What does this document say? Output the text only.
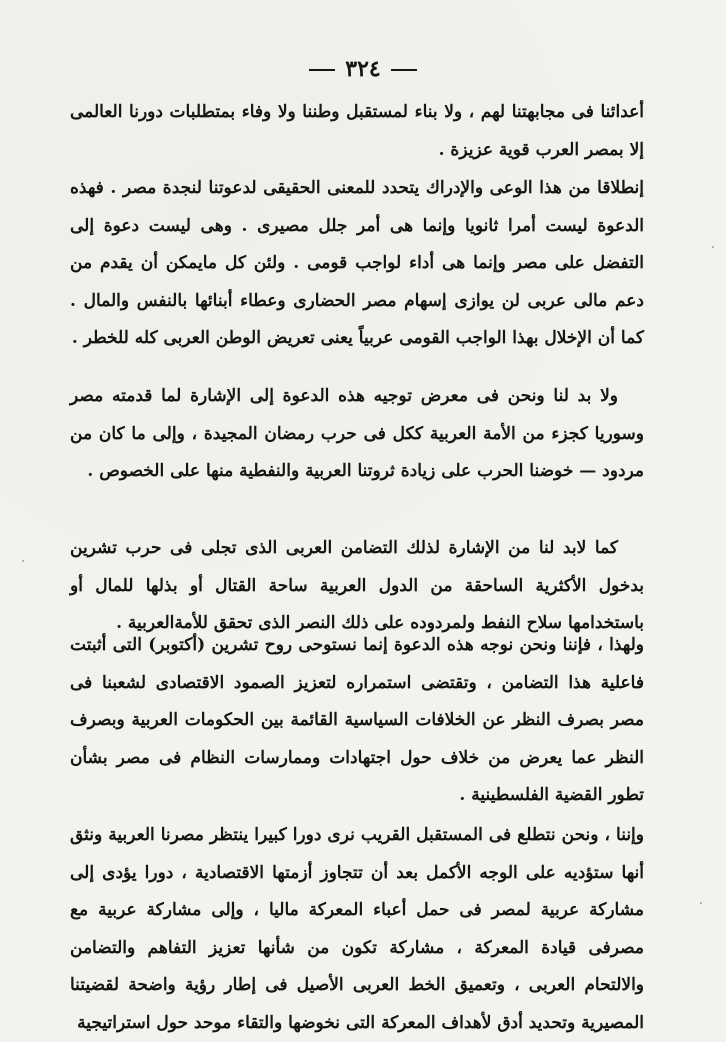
٣٢٤

أعدائنا فى مجابهتنا لهم ، ولا بناء لمستقبل وطننا ولا وفاء بمتطلبات دورنا العالمى إلا بمصر العرب قوية عزيزة .

إنطلاقا من هذا الوعى والإدراك يتحدد للمعنى الحقيقى لدعوتنا لنجدة مصر . فهذه الدعوة ليست أمرا ثانويا وإنما هى أمر جلل مصيرى . وهى ليست دعوة إلى التفضل على مصر وإنما هى أداء لواجب قومى . ولئن كل مايمكن أن يقدم من دعم مالى عربى لن يوازى إسهام مصر الحضارى وعطاء أبنائها بالنفس والمال . كما أن الإخلال بهذا الواجب القومى عربياً يعنى تعريض الوطن العربى كله للخطر .

ولا بد لنا ونحن فى معرض توجيه هذه الدعوة إلى الإشارة لما قدمته مصر وسوريا كجزء من الأمة العربية ككل فى حرب رمضان المجيدة ، وإلى ما كان من مردود — خوضنا الحرب على زيادة ثروتنا العربية والنفطية منها على الخصوص .

كما لابد لنا من الإشارة لذلك التضامن العربى الذى تجلى فى حرب تشرين بدخول الأكثرية الساحقة من الدول العربية ساحة القتال أو بذلها للمال أو باستخدامها سلاح النفط ولمردوده على ذلك النصر الذى تحقق للأمةالعربية .

ولهذا ، فإننا ونحن نوجه هذه الدعوة إنما نستوحى روح تشرين (أكتوبر) التى أثبتت فاعلية هذا التضامن ، وتقتضى استمراره لتعزيز الصمود الاقتصادى لشعبنا فى مصر بصرف النظر عن الخلافات السياسية القائمة بين الحكومات العربية وبصرف النظر عما يعرض من خلاف حول اجتهادات وممارسات النظام فى مصر بشأن تطور القضية الفلسطينية .

وإننا ، ونحن نتطلع فى المستقبل القريب نرى دورا كبيرا ينتظر مصرنا العربية ونثق أنها ستؤديه على الوجه الأكمل بعد أن تتجاوز أزمتها الاقتصادية ، دورا يؤدى إلى مشاركة عربية لمصر فى حمل أعباء المعركة ماليا ، وإلى مشاركة عربية مع مصرفى قيادة المعركة ، مشاركة تكون من شأنها تعزيز التفاهم والتضامن والالتحام العربى ، وتعميق الخط العربى الأصيل فى إطار رؤية واضحة لقضيتنا المصيرية وتحديد أدق لأهداف المعركة التى نخوضها والتقاء موحد حول استراتيجية
